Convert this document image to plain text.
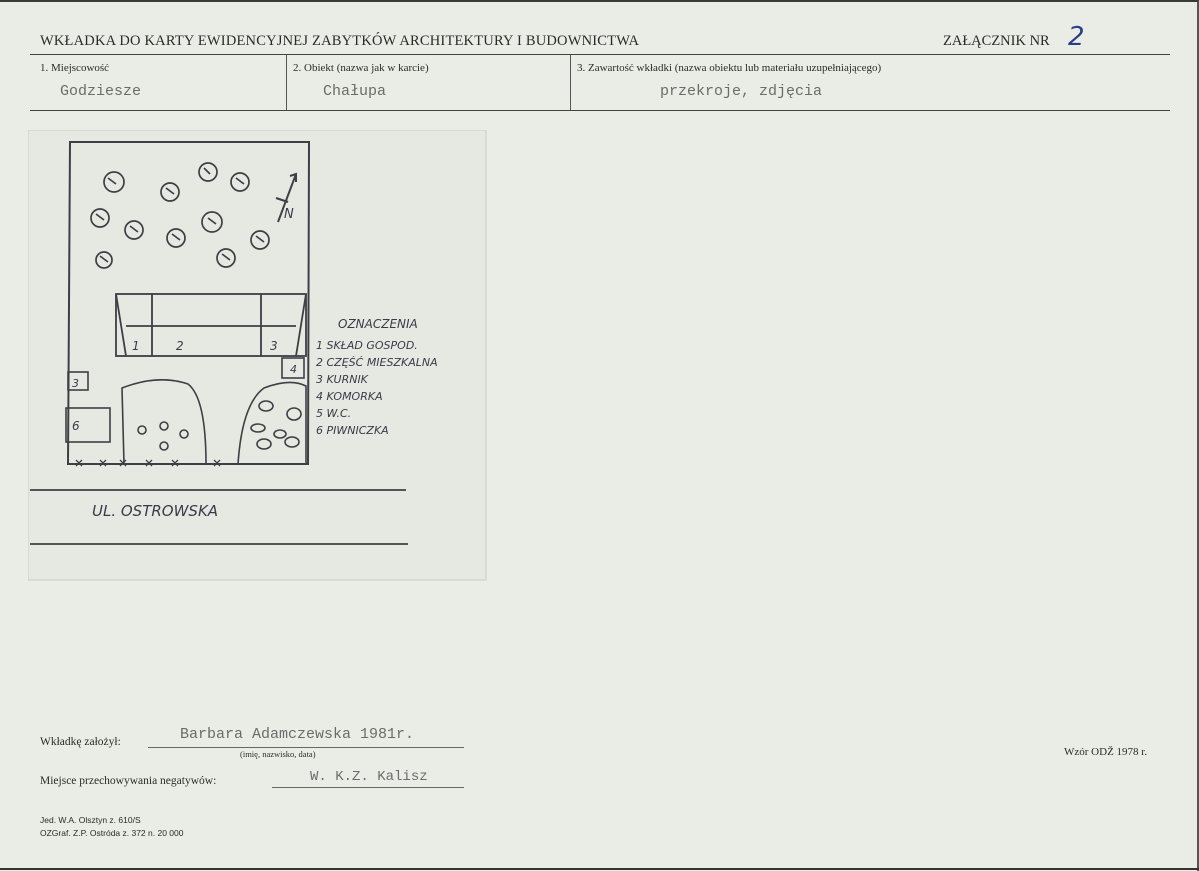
WKŁADKA DO KARTY EWIDENCYJNEJ ZABYTKÓW ARCHITEKTURY I BUDOWNICTWA	ZAŁĄCZNIK NR 2
1. Miejscowość	2. Obiekt (nazwa jak w karcie)	3. Zawartość wkładki (nazwa obiektu lub materiału uzupełniającego)
Godziesze	Chałupa	przekroje, zdjęcia
N
1	2	3
4
3
6
OZNACZENIA
1 SKŁAD GOSPOD.
2 CZĘŚĆ MIESZKALNA
3 KURNIK
4 KOMORKA
5 W.C.
6 PIWNICZKA
UL. OSTROWSKA
Wkładkę założył:	Barbara Adamczewska 1981r.
(imię, nazwisko, data)	Wzór ODŽ 1978 r.
Miejsce przechowywania negatywów:	W. K.Z. Kalisz
Jed. W.A. Olsztyn z. 610/S
OZGraf. Z.P. Ostróda z. 372 n. 20 000
